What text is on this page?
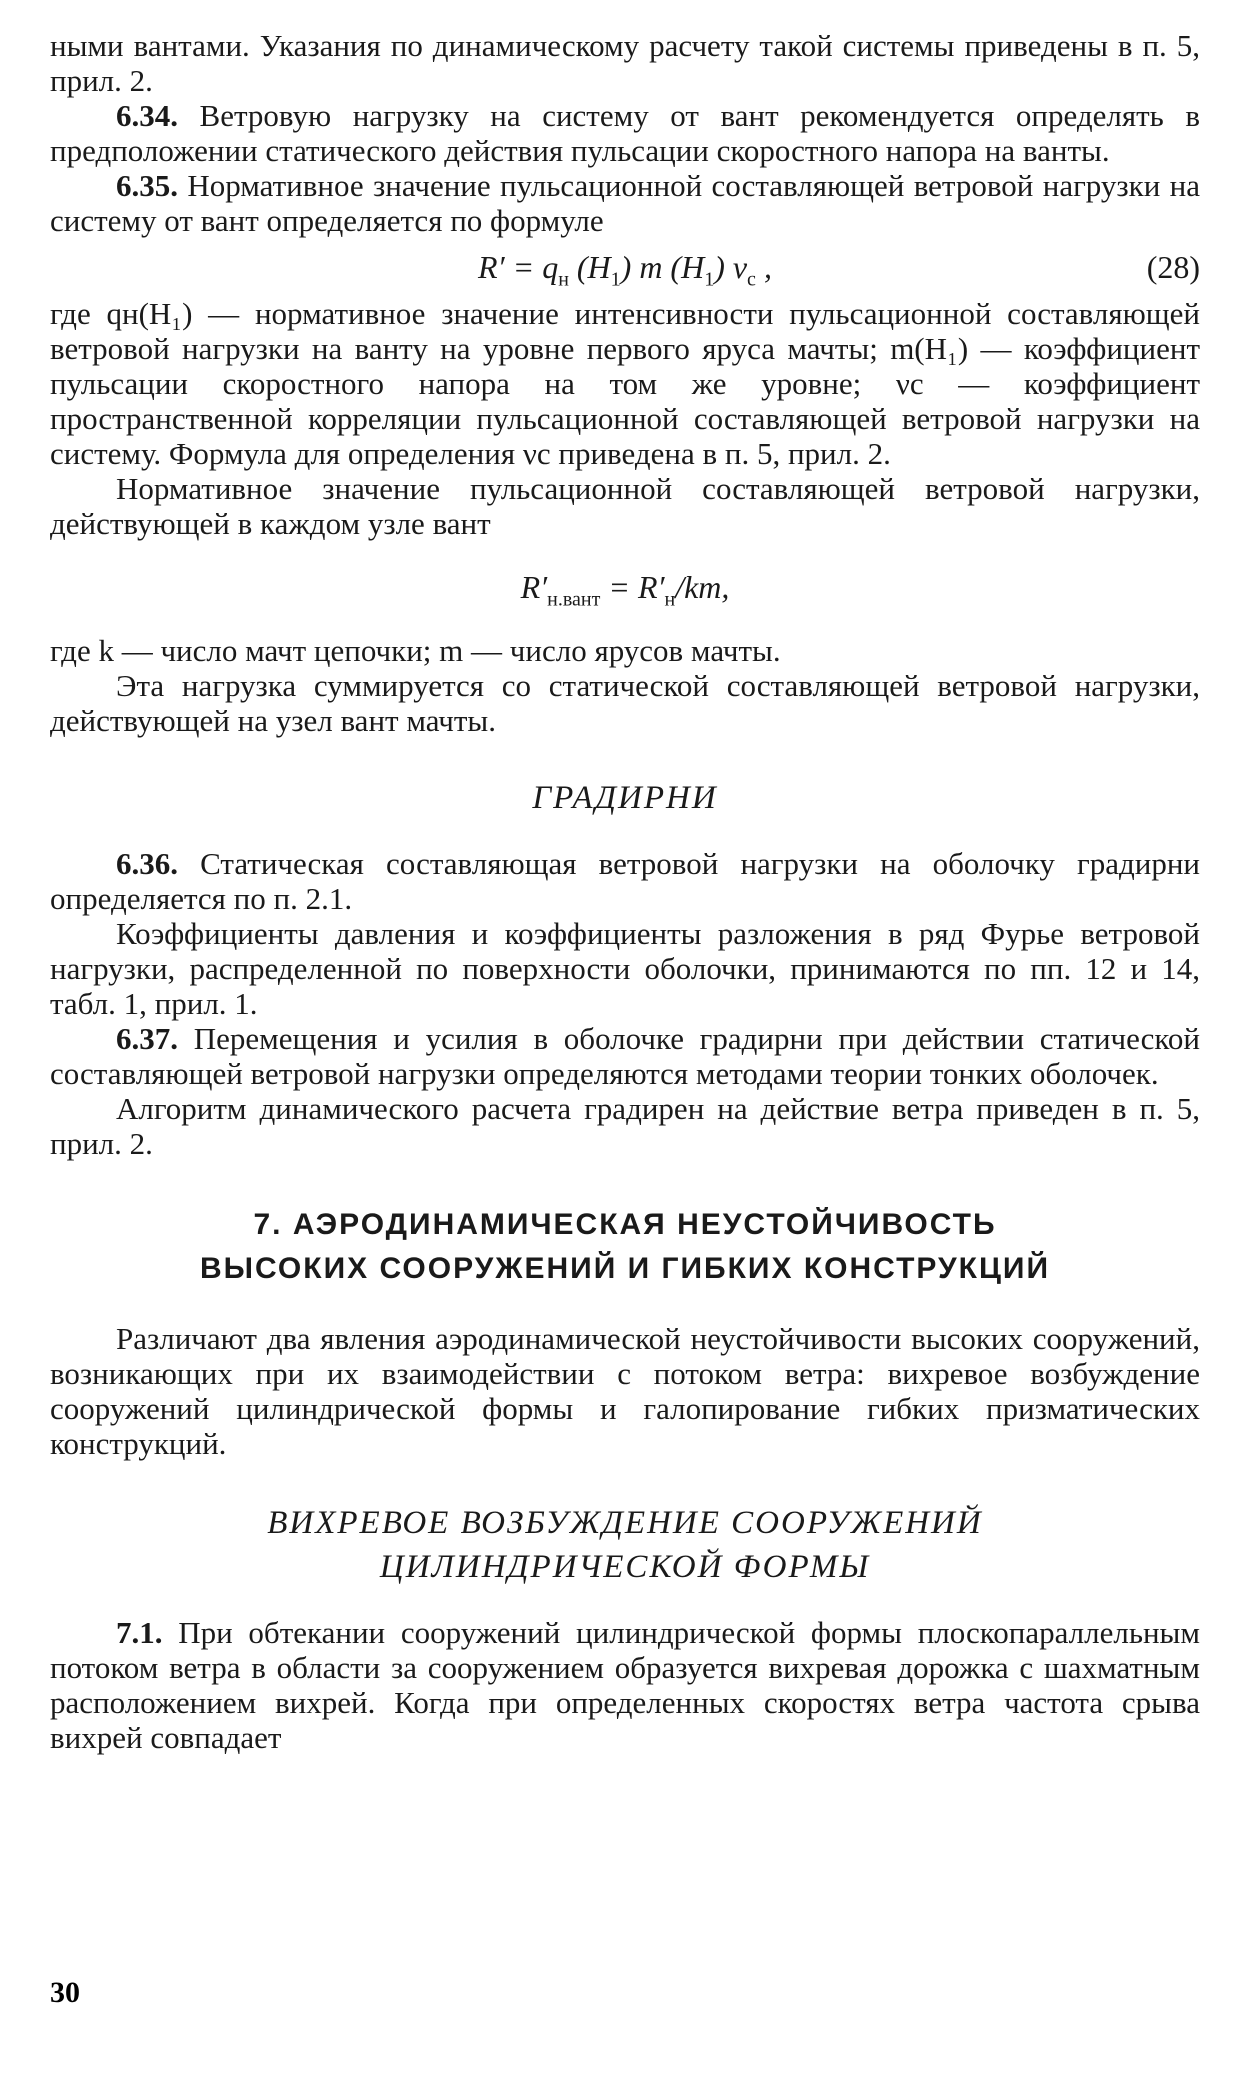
ными вантами. Указания по динамическому расчету такой системы приведены в п. 5, прил. 2.

6.34. Ветровую нагрузку на систему от вант рекомендуется определять в предположении статического действия пульсации скоростного напора на ванты.

6.35. Нормативное значение пульсационной составляющей ветровой нагрузки на систему от вант определяется по формуле

$R' = q_н$ $(H_1)$ m $(H_1)$ $\nu_c$ ,	(28)

где qн(H₁) — нормативное значение интенсивности пульсационной составляющей ветровой нагрузки на ванту на уровне первого яруса мачты; m(H₁) — коэффициент пульсации скоростного напора на том же уровне; νc — коэффициент пространственной корреляции пульсационной составляющей ветровой нагрузки на систему. Формула для определения νc приведена в п. 5, прил. 2.

Нормативное значение пульсационной составляющей ветровой нагрузки, действующей в каждом узле вант

$R'_{н.вант} = R'_н/km$,

где k — число мачт цепочки; m — число ярусов мачты.

Эта нагрузка суммируется со статической составляющей ветровой нагрузки, действующей на узел вант мачты.

ГРАДИРНИ

6.36. Статическая составляющая ветровой нагрузки на оболочку градирни определяется по п. 2.1.

Коэффициенты давления и коэффициенты разложения в ряд Фурье ветровой нагрузки, распределенной по поверхности оболочки, принимаются по пп. 12 и 14, табл. 1, прил. 1.

6.37. Перемещения и усилия в оболочке градирни при действии статической составляющей ветровой нагрузки определяются методами теории тонких оболочек.

Алгоритм динамического расчета градирен на действие ветра приведен в п. 5, прил. 2.

7. АЭРОДИНАМИЧЕСКАЯ НЕУСТОЙЧИВОСТЬ
ВЫСОКИХ СООРУЖЕНИЙ И ГИБКИХ КОНСТРУКЦИЙ

Различают два явления аэродинамической неустойчивости высоких сооружений, возникающих при их взаимодействии с потоком ветра: вихревое возбуждение сооружений цилиндрической формы и галопирование гибких призматических конструкций.

ВИХРЕВОЕ ВОЗБУЖДЕНИЕ СООРУЖЕНИЙ
ЦИЛИНДРИЧЕСКОЙ ФОРМЫ

7.1. При обтекании сооружений цилиндрической формы плоскопараллельным потоком ветра в области за сооружением образуется вихревая дорожка с шахматным расположением вихрей. Когда при определенных скоростях ветра частота срыва вихрей совпадает

30
